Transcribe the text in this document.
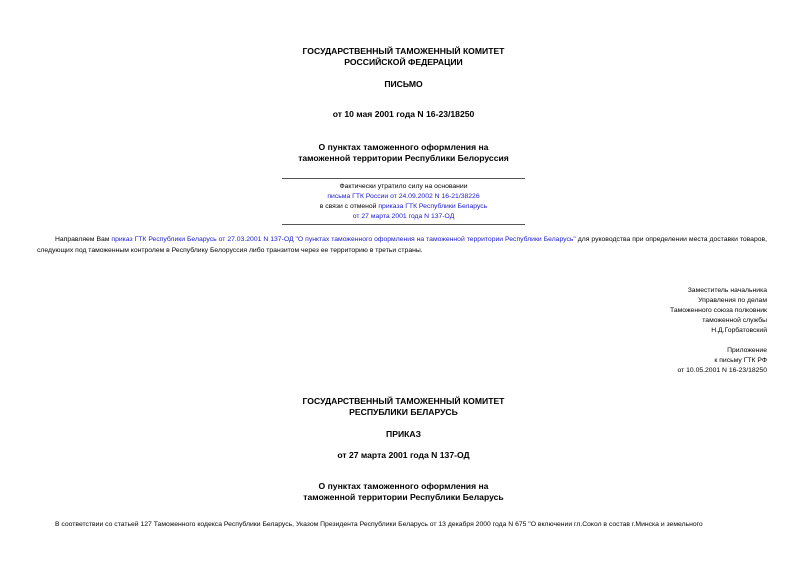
ГОСУДАРСТВЕННЫЙ ТАМОЖЕННЫЙ КОМИТЕТ
РОССИЙСКОЙ ФЕДЕРАЦИИ
ПИСЬМО
от 10 мая 2001 года N 16-23/18250
О пунктах таможенного оформления на
таможенной территории Республики Белоруссия
Фактически утратило силу на основании
письма ГТК России от 24.09.2002 N 16-21/38226
в связи с отменой приказа ГТК Республики Беларусь
от 27 марта 2001 года N 137-ОД
Направляем Вам приказ ГТК Республики Беларусь от 27.03.2001 N 137-ОД "О пунктах таможенного оформления на таможенной территории Республики Беларусь" для руководства при определении места доставки товаров, следующих под таможенным контролем в Республику Белоруссия либо транзитом через ее территорию в третьи страны.
Заместитель начальника
Управления по делам
Таможенного союза полковник
таможенной службы
Н.Д.Горбатовский
Приложение
к письму ГТК РФ
от 10.05.2001 N 16-23/18250
ГОСУДАРСТВЕННЫЙ ТАМОЖЕННЫЙ КОМИТЕТ
РЕСПУБЛИКИ БЕЛАРУСЬ
ПРИКАЗ
от 27 марта 2001 года N 137-ОД
О пунктах таможенного оформления на
таможенной территории Республики Беларусь
В соответствии со статьей 127 Таможенного кодекса Республики Беларусь, Указом Президента Республики Беларусь от 13 декабря 2000 года N 675 "О включении гл.Сокол в состав г.Минска и земельного
